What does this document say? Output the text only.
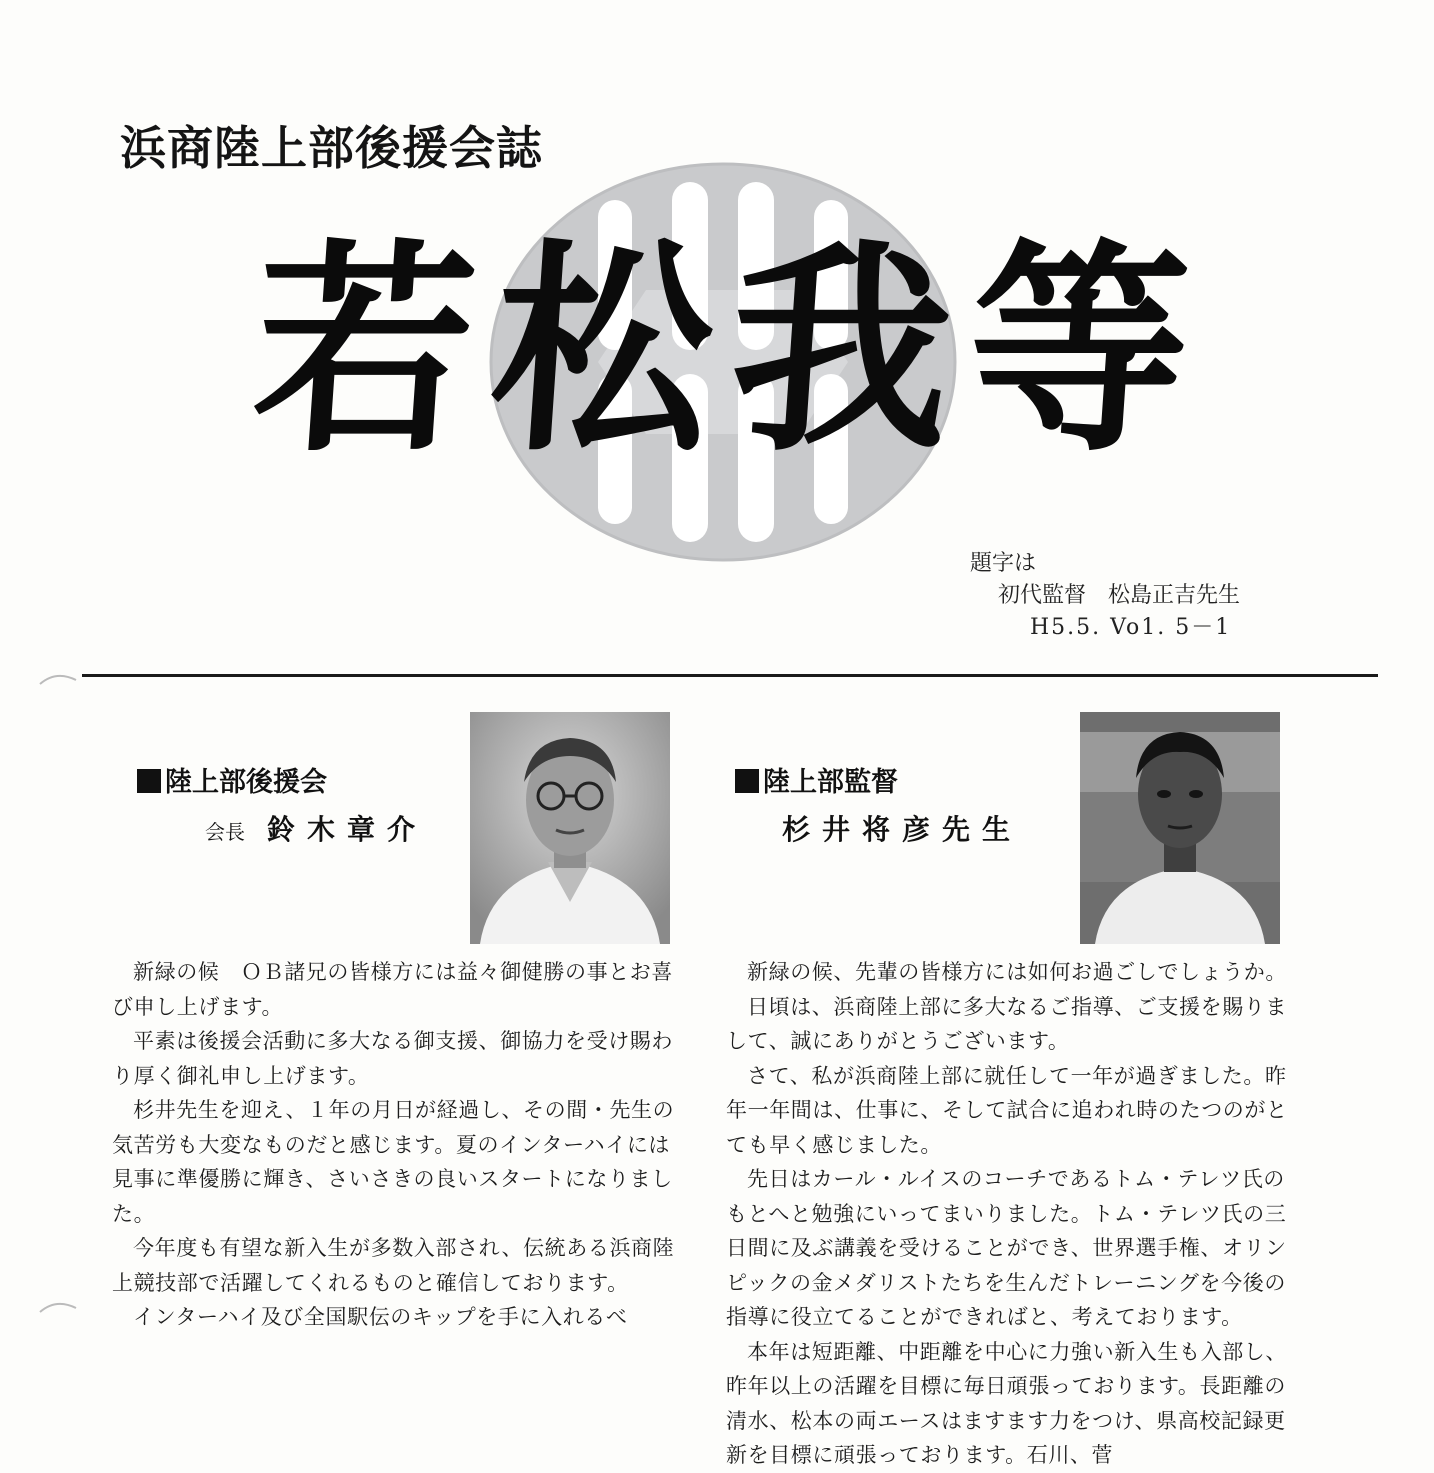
浜商陸上部後援会誌
若松我等
題字は
初代監督　松島正吉先生
H5.5. Vo1. 5－1
陸上部後援会
会長 鈴木章介

新緑の候　ＯＢ諸兄の皆様方には益々御健勝の事とお喜び申し上げます。

平素は後援会活動に多大なる御支援、御協力を受け賜わり厚く御礼申し上げます。

杉井先生を迎え、１年の月日が経過し、その間・先生の気苦労も大変なものだと感じます。夏のインターハイには見事に準優勝に輝き、さいさきの良いスタートになりました。

今年度も有望な新入生が多数入部され、伝統ある浜商陸上競技部で活躍してくれるものと確信しております。

インターハイ及び全国駅伝のキップを手に入れるべ

陸上部監督
杉井将彦先生

新緑の候、先輩の皆様方には如何お過ごしでしょうか。

日頃は、浜商陸上部に多大なるご指導、ご支援を賜りまして、誠にありがとうございます。

さて、私が浜商陸上部に就任して一年が過ぎました。昨年一年間は、仕事に、そして試合に追われ時のたつのがとても早く感じました。

先日はカール・ルイスのコーチであるトム・テレツ氏のもとへと勉強にいってまいりました。トム・テレツ氏の三日間に及ぶ講義を受けることができ、世界選手権、オリンピックの金メダリストたちを生んだトレーニングを今後の指導に役立てることができればと、考えております。

本年は短距離、中距離を中心に力強い新入生も入部し、昨年以上の活躍を目標に毎日頑張っております。長距離の清水、松本の両エースはますます力をつけ、県高校記録更新を目標に頑張っております。石川、菅
